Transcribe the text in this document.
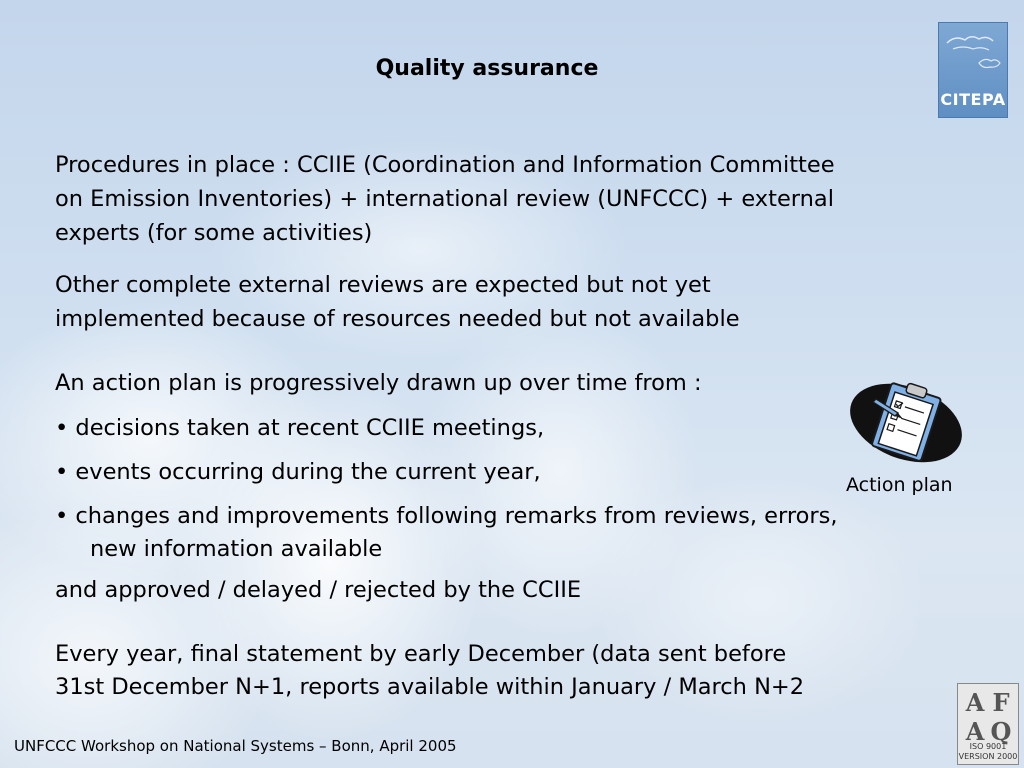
CITEPA
Quality assurance
Procedures in place : CCIIE (Coordination and Information Committee
on Emission Inventories) + international review (UNFCCC) + external
experts (for some activities)
Other complete external reviews are expected but not yet
implemented because of resources needed but not available
An action plan is progressively drawn up over time from :
• decisions taken at recent CCIIE meetings,
• events occurring during the current year,
• changes and improvements following remarks from reviews, errors,
new information available
and approved / delayed / rejected by the CCIIE
Every year, final statement by early December (data sent before
31st December N+1, reports available within January / March N+2
Action plan
A F
A Q
ISO 9001
VERSION 2000
UNFCCC Workshop on National Systems – Bonn, April 2005
